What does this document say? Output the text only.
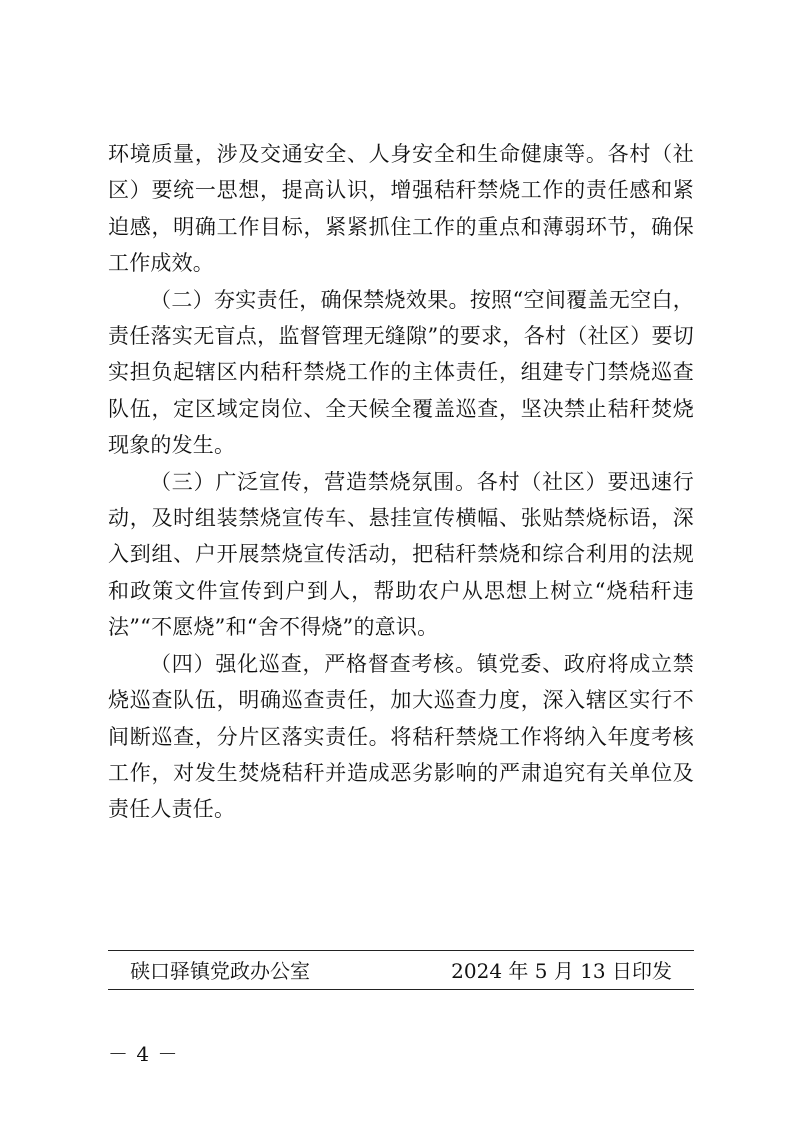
环境质量，涉及交通安全、人身安全和生命健康等。各村（社区）要统一思想，提高认识，增强秸秆禁烧工作的责任感和紧迫感，明确工作目标，紧紧抓住工作的重点和薄弱环节，确保工作成效。

（二）夯实责任，确保禁烧效果。按照“空间覆盖无空白，责任落实无盲点，监督管理无缝隙”的要求，各村（社区）要切实担负起辖区内秸秆禁烧工作的主体责任，组建专门禁烧巡查队伍，定区域定岗位、全天候全覆盖巡查，坚决禁止秸秆焚烧现象的发生。

（三）广泛宣传，营造禁烧氛围。各村（社区）要迅速行动，及时组装禁烧宣传车、悬挂宣传横幅、张贴禁烧标语，深入到组、户开展禁烧宣传活动，把秸秆禁烧和综合利用的法规和政策文件宣传到户到人，帮助农户从思想上树立“烧秸秆违法”“不愿烧”和“舍不得烧”的意识。

（四）强化巡查，严格督查考核。镇党委、政府将成立禁烧巡查队伍，明确巡查责任，加大巡查力度，深入辖区实行不间断巡查，分片区落实责任。将秸秆禁烧工作将纳入年度考核工作，对发生焚烧秸秆并造成恶劣影响的严肃追究有关单位及责任人责任。

硖口驿镇党政办公室	2024 年 5 月 13 日印发
－ 4 －
